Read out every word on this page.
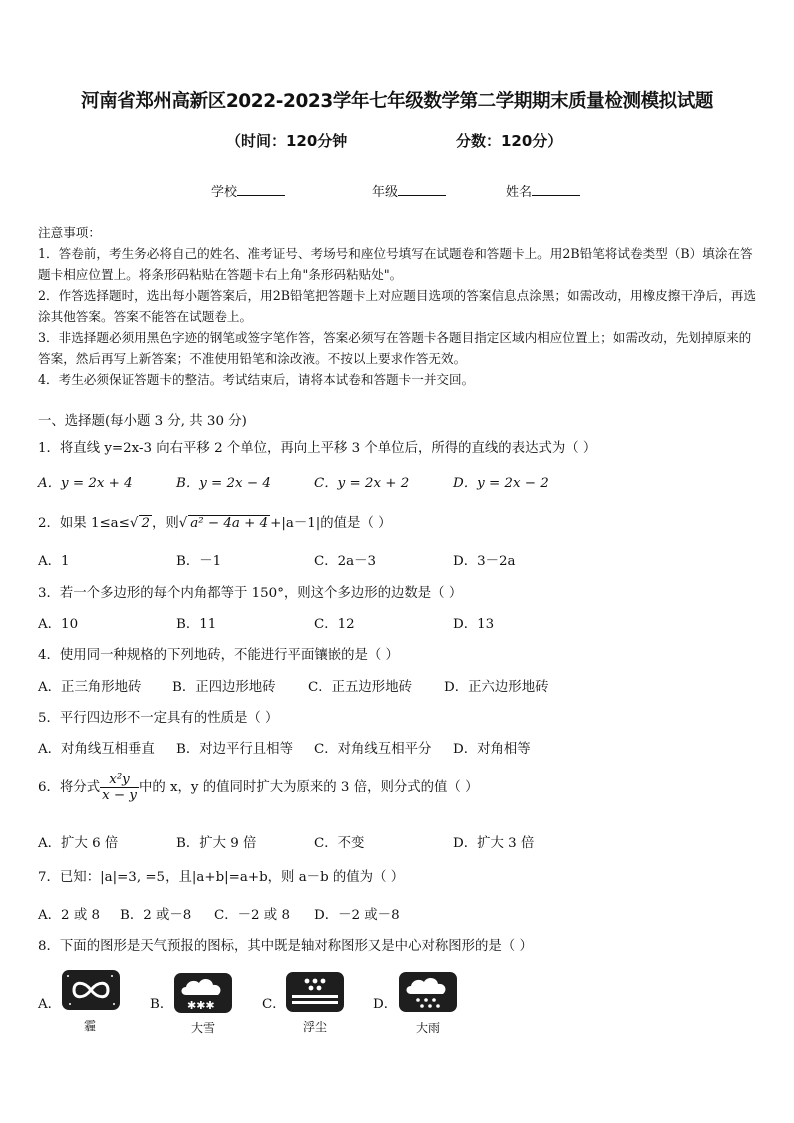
河南省郑州高新区2022-2023学年七年级数学第二学期期末质量检测模拟试题
（时间：120分钟	分数：120分）
学校	年级	姓名
注意事项：
1．答卷前，考生务必将自己的姓名、准考证号、考场号和座位号填写在试题卷和答题卡上。用2B铅笔将试卷类型（B）填涂在答题卡相应位置上。将条形码粘贴在答题卡右上角"条形码粘贴处"。
2．作答选择题时，选出每小题答案后，用2B铅笔把答题卡上对应题目选项的答案信息点涂黑；如需改动，用橡皮擦干净后，再选涂其他答案。答案不能答在试题卷上。
3．非选择题必须用黑色字迹的钢笔或签字笔作答，答案必须写在答题卡各题目指定区域内相应位置上；如需改动，先划掉原来的答案，然后再写上新答案；不准使用铅笔和涂改液。不按以上要求作答无效。
4．考生必须保证答题卡的整洁。考试结束后，请将本试卷和答题卡一并交回。
一、选择题(每小题 3 分, 共 30 分)
1．将直线 y=2x-3 向右平移 2 个单位，再向上平移 3 个单位后，所得的直线的表达式为（ ）
A．y = 2x + 4	B．y = 2x − 4	C．y = 2x + 2	D．y = 2x − 2
2．如果 1≤a≤√ 2 ，则√ a² − 4a + 4 +|a－1|的值是（ ）
A．1	B．－1	C．2a－3	D．3－2a
3．若一个多边形的每个内角都等于 150°，则这个多边形的边数是（ ）
A．10	B．11	C．12	D．13
4．使用同一种规格的下列地砖，不能进行平面镶嵌的是（ ）
A．正三角形地砖 B．正四边形地砖 C．正五边形地砖 D．正六边形地砖
5．平行四边形不一定具有的性质是（ ）
A．对角线互相垂直 B．对边平行且相等 C．对角线互相平分 D．对角相等
6．将分式 $\frac{\text{x²y}}{x - y}$ 中的 x，y 的值同时扩大为原来的 3 倍，则分式的值（ ）
A．扩大 6 倍	B．扩大 9 倍	C．不变	D．扩大 3 倍
7．已知：|a|=3, =5，且|a+b|=a+b，则 a－b 的值为（ ）
A．2 或 8 B．2 或－8 C．－2 或 8 D．－2 或－8
8．下面的图形是天气预报的图标，其中既是轴对称图形又是中心对称图形的是（ ）
A．	B．	C．	D．
霾
✱✱✱
大雪	浮尘	大雨
